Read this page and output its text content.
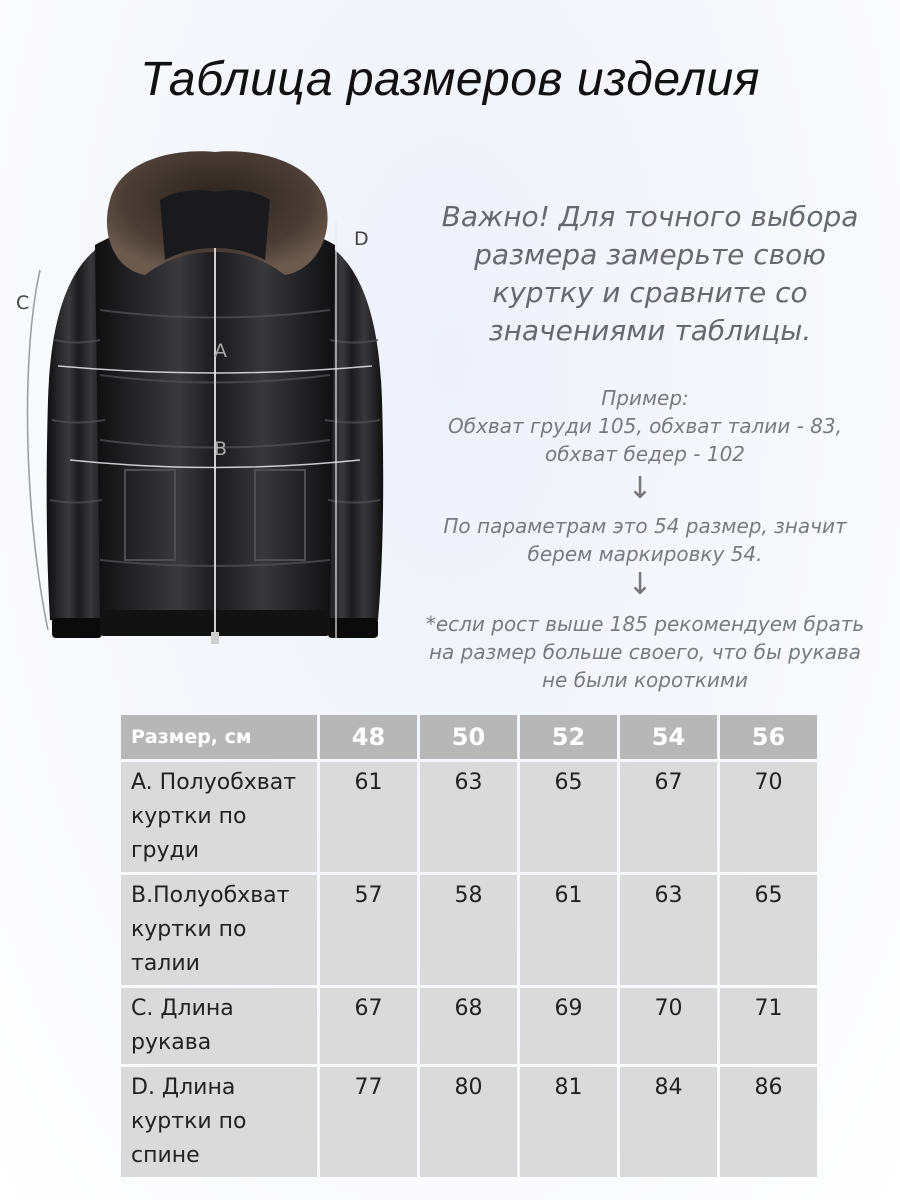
Таблица размеров изделия
A
B
C
D
Важно! Для точного выбора размера замерьте свою куртку и сравните со значениями таблицы.
Пример:
Обхват груди 105, обхват талии - 83,
обхват бедер - 102
↓
По параметрам это 54 размер, значит
берем маркировку 54.
↓
*если рост выше 185 рекомендуем брать
на размер больше своего, что бы рукава
не были короткими
Размер, см	48	50	52	54	56
A. Полуобхват куртки по груди	61	63	65	67	70
B.Полуобхват куртки по талии	57	58	61	63	65
C. Длина рукава	67	68	69	70	71
D. Длина куртки по спине	77	80	81	84	86
